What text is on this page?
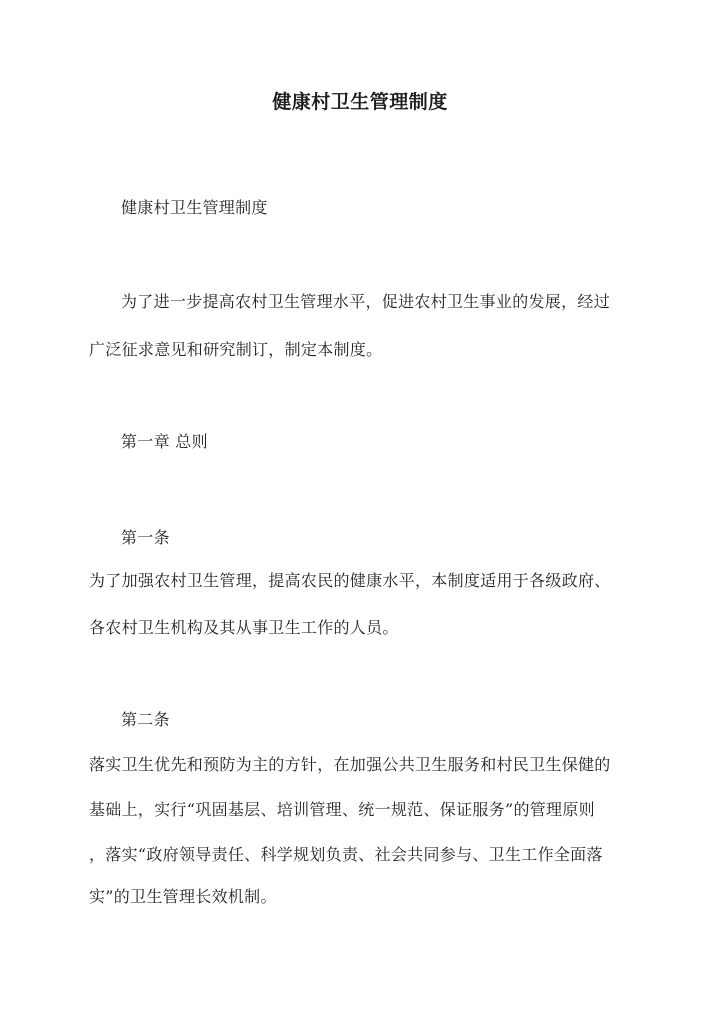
健康村卫生管理制度
健康村卫生管理制度
为了进一步提高农村卫生管理水平，促进农村卫生事业的发展，经过
广泛征求意见和研究制订，制定本制度。
第一章 总则
第一条
为了加强农村卫生管理，提高农民的健康水平，本制度适用于各级政府、
各农村卫生机构及其从事卫生工作的人员。
第二条
落实卫生优先和预防为主的方针，在加强公共卫生服务和村民卫生保健的
基础上，实行“巩固基层、培训管理、统一规范、保证服务”的管理原则
，落实“政府领导责任、科学规划负责、社会共同参与、卫生工作全面落
实”的卫生管理长效机制。
